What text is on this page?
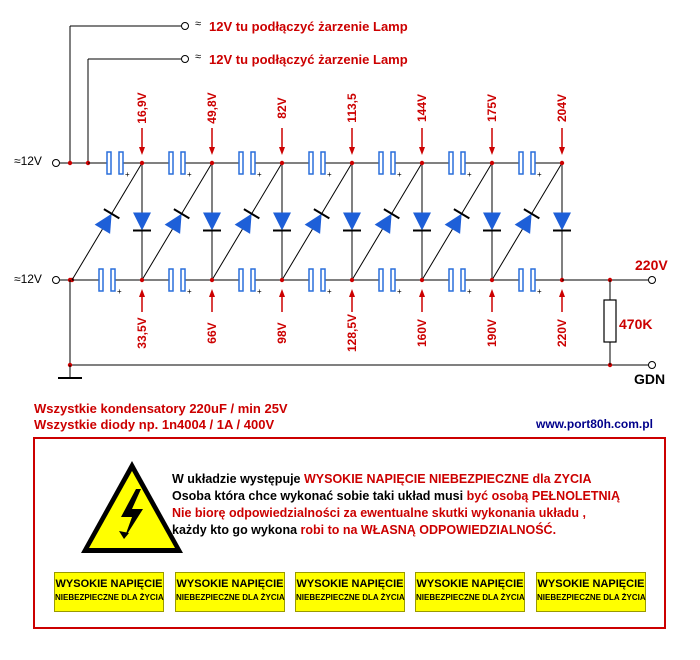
+	+	+	+	+	+	+
+	+	+	+	+	+	+
≈12V
≈12V
≈ 12V tu podłączyć żarzenie Lamp
≈ 12V tu podłączyć żarzenie Lamp
16,9V	49,8V	82V	113,5	144V	175V	204V
33,5V	66V	98V	128,5V	160V	190V	220V
220V
470K
GDN
Wszystkie kondensatory 220uF / min 25V
Wszystkie diody np. 1n4004 / 1A / 400V	www.port80h.com.pl
W układzie występuje WYSOKIE NAPIĘCIE NIEBEZPIECZNE dla ZYCIA
Osoba która chce wykonać sobie taki układ musi być osobą PEŁNOLETNIĄ
Nie biorę odpowiedzialności za ewentualne skutki wykonania układu ,
każdy kto go wykona robi to na WŁASNĄ ODPOWIEDZIALNOŚĆ.
WYSOKIE NAPIĘCIE
NIEBEZPIECZNE DLA ŻYCIA
WYSOKIE NAPIĘCIE
NIEBEZPIECZNE DLA ŻYCIA
WYSOKIE NAPIĘCIE
NIEBEZPIECZNE DLA ŻYCIA
WYSOKIE NAPIĘCIE
NIEBEZPIECZNE DLA ŻYCIA
WYSOKIE NAPIĘCIE
NIEBEZPIECZNE DLA ŻYCIA
